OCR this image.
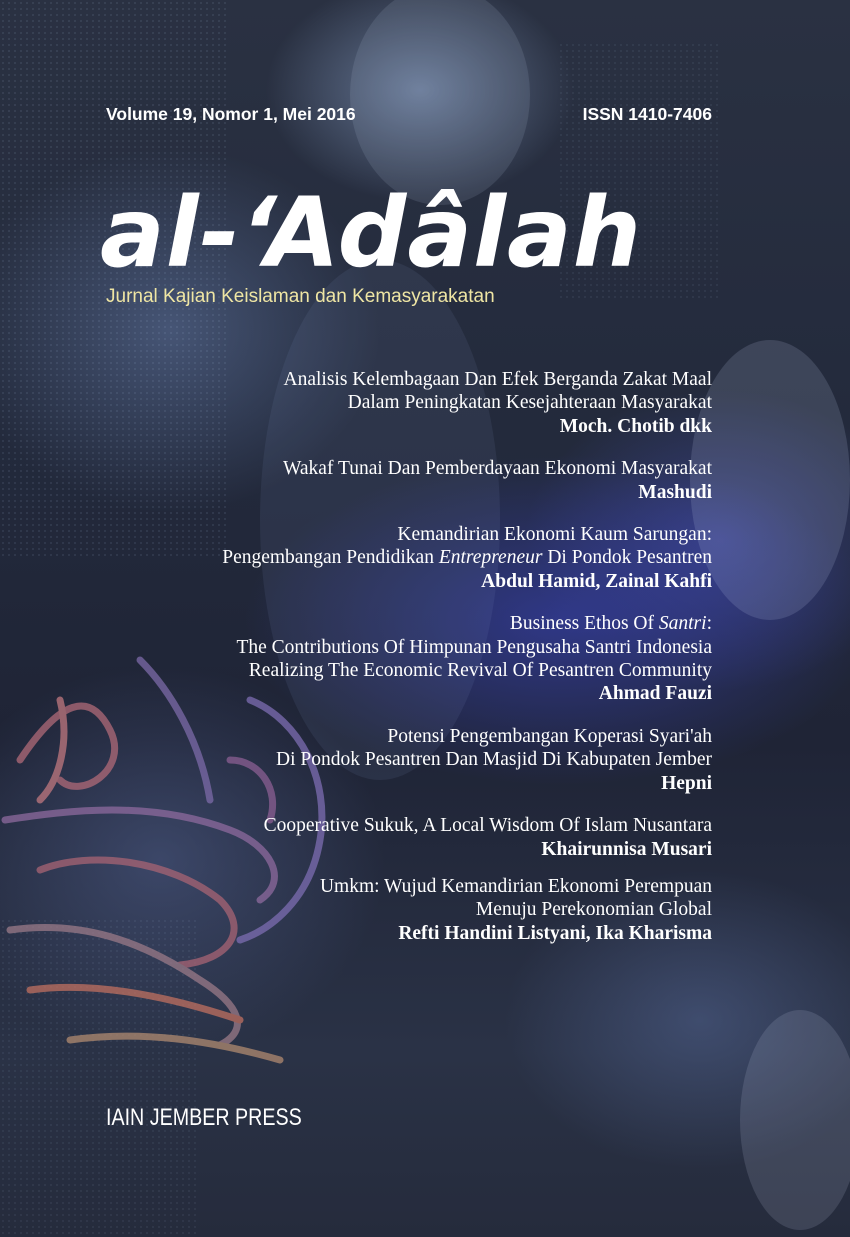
Volume 19, Nomor 1, Mei 2016	ISSN 1410-7406
al-‘Adâlah
Jurnal Kajian Keislaman dan Kemasyarakatan
Analisis Kelembagaan Dan Efek Berganda Zakat Maal
Dalam Peningkatan Kesejahteraan Masyarakat
Moch. Chotib dkk
Wakaf Tunai Dan Pemberdayaan Ekonomi Masyarakat
Mashudi
Kemandirian Ekonomi Kaum Sarungan:
Pengembangan Pendidikan Entrepreneur Di Pondok Pesantren
Abdul Hamid, Zainal Kahfi
Business Ethos Of Santri:
The Contributions Of Himpunan Pengusaha Santri Indonesia
Realizing The Economic Revival Of Pesantren Community
Ahmad Fauzi
Potensi Pengembangan Koperasi Syari'ah
Di Pondok Pesantren Dan Masjid Di Kabupaten Jember
Hepni
Cooperative Sukuk, A Local Wisdom Of Islam Nusantara
Khairunnisa Musari
Umkm: Wujud Kemandirian Ekonomi Perempuan
Menuju Perekonomian Global
Refti Handini Listyani, Ika Kharisma
IAIN JEMBER PRESS
